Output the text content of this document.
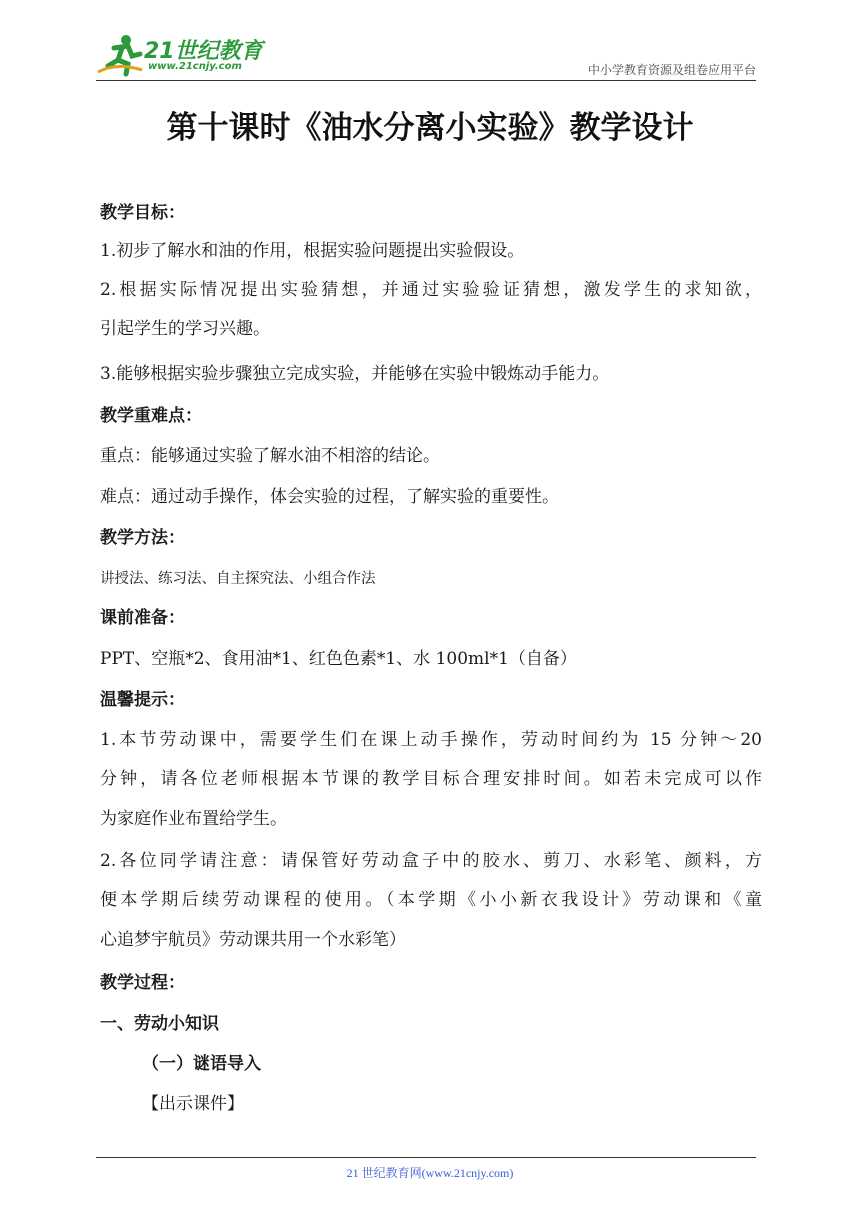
21世纪教育
www.21cnjy.com	中小学教育资源及组卷应用平台
第十课时《油水分离小实验》教学设计
教学目标：
1.初步了解水和油的作用，根据实验问题提出实验假设。
2.根据实际情况提出实验猜想，并通过实验验证猜想，激发学生的求知欲，
引起学生的学习兴趣。
3.能够根据实验步骤独立完成实验，并能够在实验中锻炼动手能力。
教学重难点：
重点：能够通过实验了解水油不相溶的结论。
难点：通过动手操作，体会实验的过程，了解实验的重要性。
教学方法：
讲授法、练习法、自主探究法、小组合作法
课前准备：
PPT、空瓶*2、食用油*1、红色色素*1、水 100ml*1（自备）
温馨提示：
1.本节劳动课中，需要学生们在课上动手操作，劳动时间约为 15 分钟～20
分钟，请各位老师根据本节课的教学目标合理安排时间。如若未完成可以作
为家庭作业布置给学生。
2.各位同学请注意：请保管好劳动盒子中的胶水、剪刀、水彩笔、颜料，方
便本学期后续劳动课程的使用。（本学期《小小新衣我设计》劳动课和《童
心追梦宇航员》劳动课共用一个水彩笔）
教学过程：
一、劳动小知识
（一）谜语导入
【出示课件】
21 世纪教育网(www.21cnjy.com)
